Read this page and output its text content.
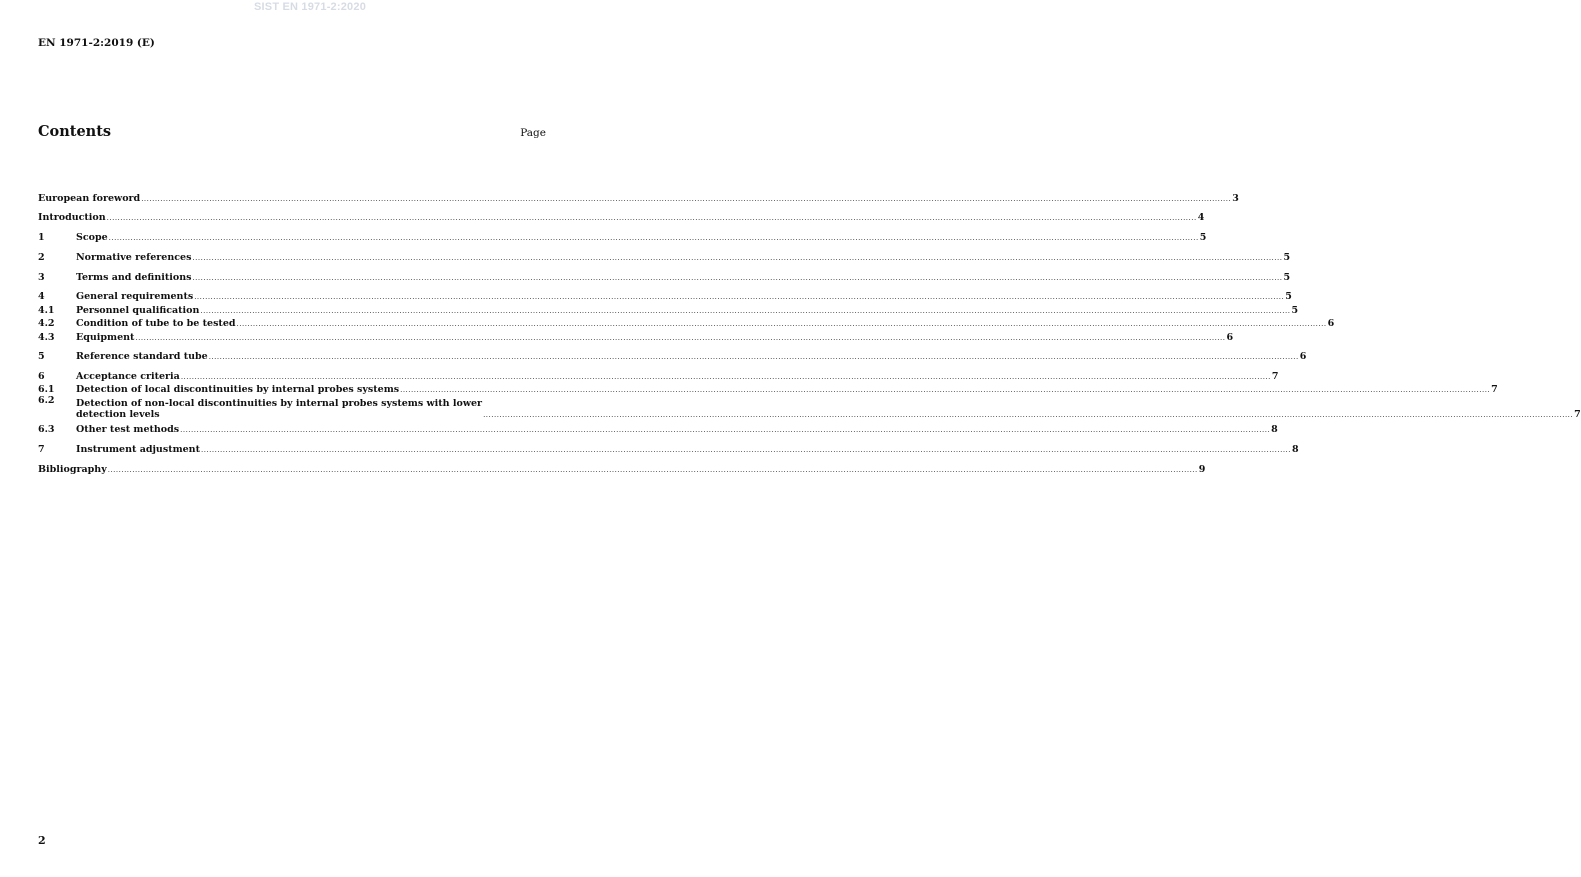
SIST EN 1971-2:2020
EN 1971-2:2019 (E)
Contents	Page
European foreword ................................................................................................................................................................................................................................................................................................................................................................................................................ 3
Introduction ................................................................................................................................................................................................................................................................................................................................................................................................................ 4
1	Scope ................................................................................................................................................................................................................................................................................................................................................................................................................ 5
2	Normative references ................................................................................................................................................................................................................................................................................................................................................................................................................ 5
3	Terms and definitions ................................................................................................................................................................................................................................................................................................................................................................................................................ 5
4	General requirements ................................................................................................................................................................................................................................................................................................................................................................................................................ 5
4.1	Personnel qualification ................................................................................................................................................................................................................................................................................................................................................................................................................ 5
4.2	Condition of tube to be tested ................................................................................................................................................................................................................................................................................................................................................................................................................ 6
4.3	Equipment ................................................................................................................................................................................................................................................................................................................................................................................................................ 6
5	Reference standard tube ................................................................................................................................................................................................................................................................................................................................................................................................................ 6
6	Acceptance criteria ................................................................................................................................................................................................................................................................................................................................................................................................................ 7
6.1	Detection of local discontinuities by internal probes systems ................................................................................................................................................................................................................................................................................................................................................................................................................ 7
6.2	Detection of non-local discontinuities by internal probes systems with lower
detection levels	................................................................................................................................................................................................................................................................................................................................................................................................................ 7
6.3	Other test methods ................................................................................................................................................................................................................................................................................................................................................................................................................ 8
7	Instrument adjustment ................................................................................................................................................................................................................................................................................................................................................................................................................ 8
Bibliography ................................................................................................................................................................................................................................................................................................................................................................................................................ 9
2
